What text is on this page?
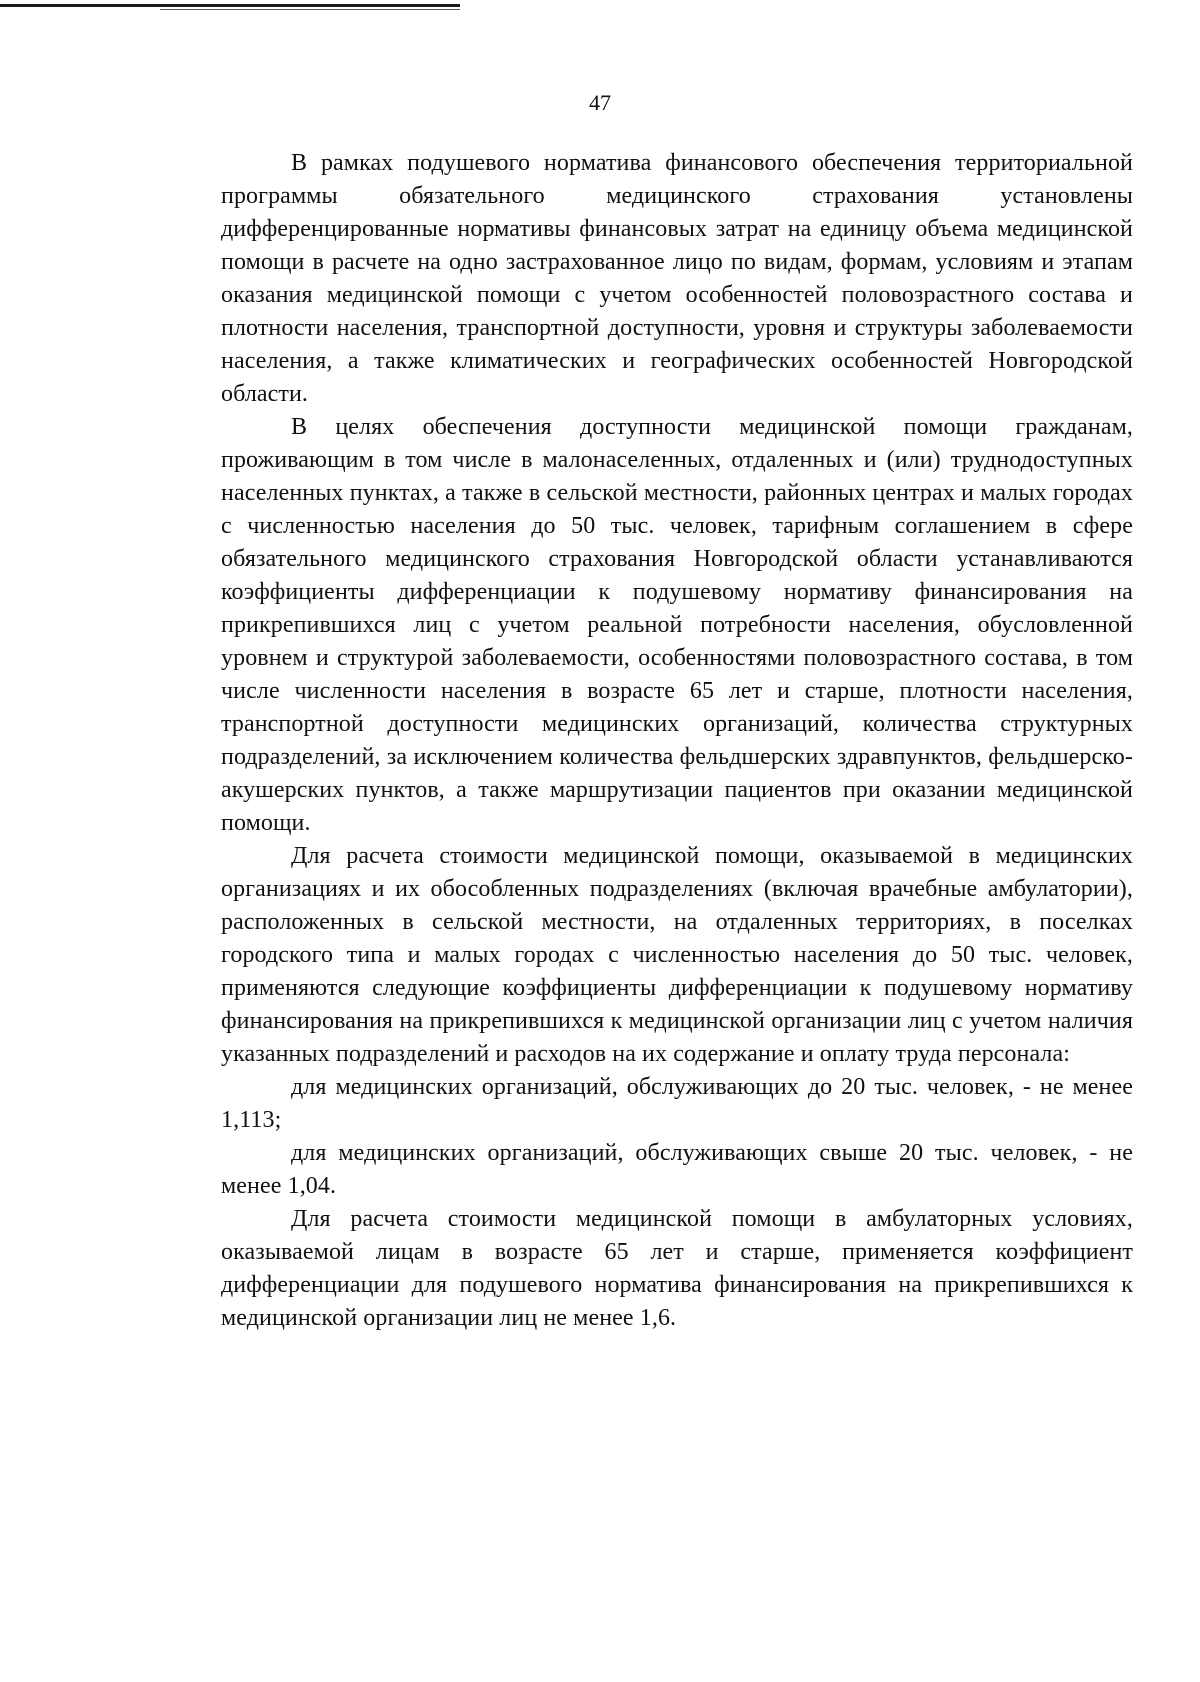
47

В рамках подушевого норматива финансового обеспечения территориальной программы обязательного медицинского страхования установлены дифференцированные нормативы финансовых затрат на единицу объема медицинской помощи в расчете на одно застрахованное лицо по видам, формам, условиям и этапам оказания медицинской помощи с учетом особенностей половозрастного состава и плотности населения, транспортной доступности, уровня и структуры заболеваемости населения, а также климатических и географических особенностей Новгородской области.

В целях обеспечения доступности медицинской помощи гражданам, проживающим в том числе в малонаселенных, отдаленных и (или) труднодоступных населенных пунктах, а также в сельской местности, районных центрах и малых городах с численностью населения до 50 тыс. человек, тарифным соглашением в сфере обязательного медицинского страхования Новгородской области устанавливаются коэффициенты дифференциации к подушевому нормативу финансирования на прикрепившихся лиц с учетом реальной потребности населения, обусловленной уровнем и структурой заболеваемости, особенностями половозрастного состава, в том числе численности населения в возрасте 65 лет и старше, плотности населения, транспортной доступности медицинских организаций, количества структурных подразделений, за исключением количества фельдшерских здравпунктов, фельдшерско-акушерских пунктов, а также маршрутизации пациентов при оказании медицинской помощи.

Для расчета стоимости медицинской помощи, оказываемой в медицинских организациях и их обособленных подразделениях (включая врачебные амбулатории), расположенных в сельской местности, на отдаленных территориях, в поселках городского типа и малых городах с численностью населения до 50 тыс. человек, применяются следующие коэффициенты дифференциации к подушевому нормативу финансирования на прикрепившихся к медицинской организации лиц с учетом наличия указанных подразделений и расходов на их содержание и оплату труда персонала:

для медицинских организаций, обслуживающих до 20 тыс. человек, - не менее 1,113;

для медицинских организаций, обслуживающих свыше 20 тыс. человек, - не менее 1,04.

Для расчета стоимости медицинской помощи в амбулаторных условиях, оказываемой лицам в возрасте 65 лет и старше, применяется коэффициент дифференциации для подушевого норматива финансирования на прикрепившихся к медицинской организации лиц не менее 1,6.
